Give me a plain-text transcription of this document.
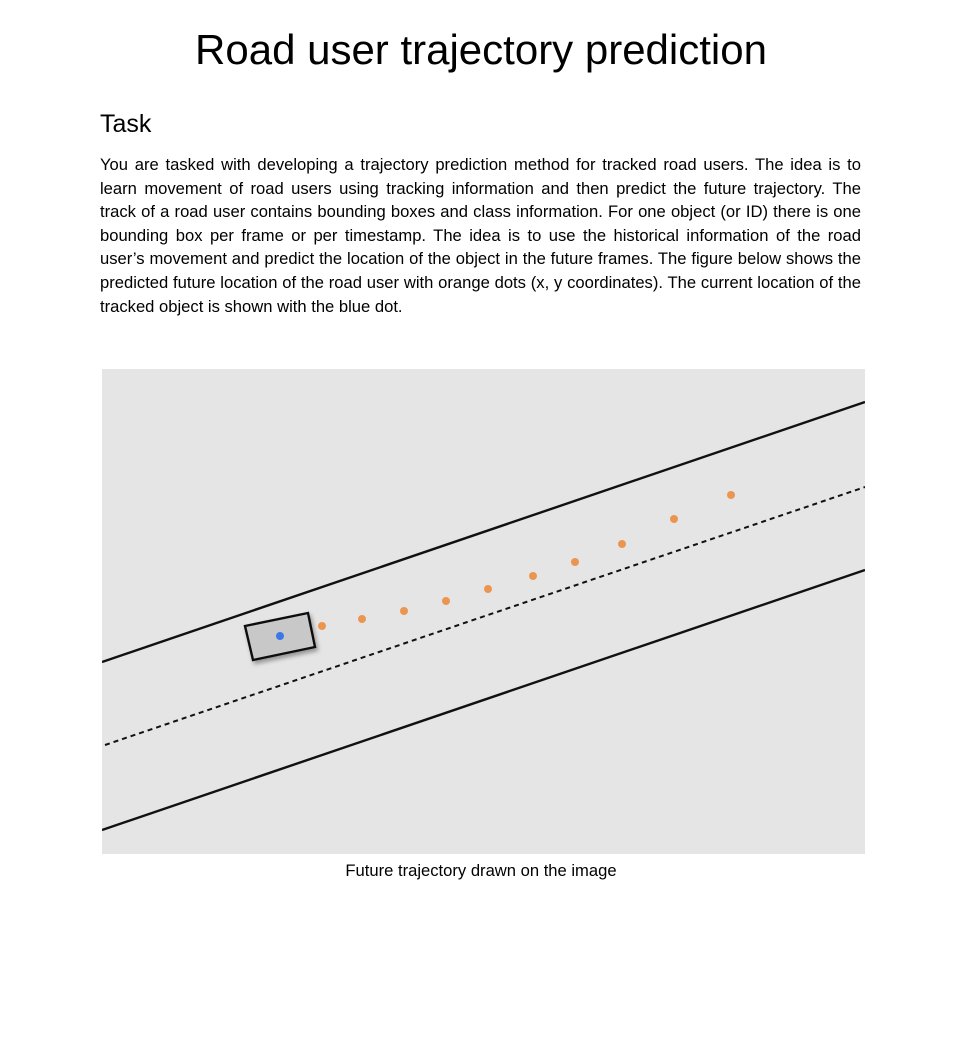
Road user trajectory prediction
Task

You are tasked with developing a trajectory prediction method for tracked road users. The idea is to learn movement of road users using tracking information and then predict the future trajectory. The track of a road user contains bounding boxes and class information. For one object (or ID) there is one bounding box per frame or per timestamp. The idea is to use the historical information of the road user’s movement and predict the location of the object in the future frames. The figure below shows the predicted future location of the road user with orange dots (x, y coordinates). The current location of the tracked object is shown with the blue dot.

Future trajectory drawn on the image
